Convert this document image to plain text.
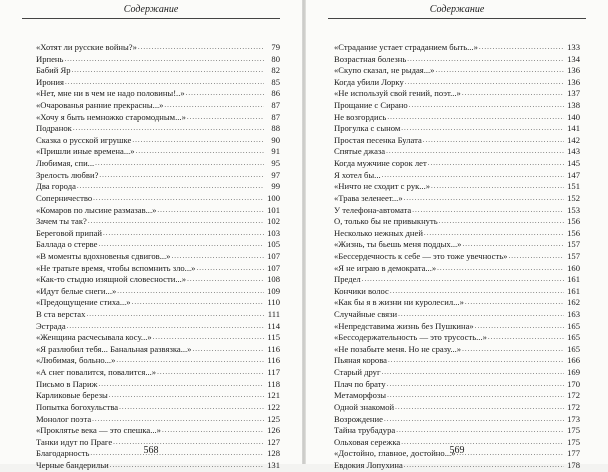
Содержание
«Хотят ли русские войны?» .....	79
Ирпень .....	80
Бабий Яр .....	82
Ирония .....	85
«Нет, мне ни в чем не надо половины!..» .....	86
«Очарованья ранние прекрасны...» .....	87
«Хочу я быть немножко старомодным...» .....	87
Подранок .....	88
Сказка о русской игрушке .....	90
«Пришли иные времена...» .....	91
Любимая, спи... .....	95
Зрелость любви? .....	97
Два города .....	99
Соперничество .....	100
«Комаров по лысине размазав...» .....	101
Зачем ты так? .....	102
Береговой припай .....	103
Баллада о стерве .....	105
«В моменты вдохновенья сдвигов...» .....	107
«Не тратьте время, чтобы вспомнить зло...» .....	107
«Как-то стыдно изящной словесности...» .....	108
«Идут белые снеги...» .....	109
«Предощущение стиха...» .....	110
В ста верстах .....	111
Эстрада .....	114
«Женщина расчесывала косу...» .....	115
«Я разлюбил тебя... Банальная развязка...» .....	116
«Любимая, больно...» .....	116
«А снег повалится, повалится...» .....	117
Письмо в Париж .....	118
Карликовые березы .....	121
Попытка богохульства .....	122
Монолог поэта .....	125
«Проклятье века — это спешка...» .....	126
Танки идут по Праге .....	127
Благодарность .....	128
Черные бандерильи .....	131
568
Содержание
«Страдание устает страданием быть...» .....	133
Возрастная болезнь .....	134
«Скупо сказал, не рыдая...» .....	136
Когда убили Лорку .....	136
«Не используй свой гений, поэт...» .....	137
Прощание с Сирано .....	138
Не возгордись .....	140
Прогулка с сыном .....	141
Простая песенка Булата .....	142
Спятые джаза .....	143
Когда мужчине сорок лет .....	145
Я хотел бы... .....	147
«Ничто не сходит с рук...» .....	151
«Трава зеленеет...» .....	152
У телефона-автомата .....	153
О, только бы не привыкнуть .....	156
Несколько нежных дней .....	156
«Жизнь, ты бьешь меня поддых...» .....	157
«Бессердечность к себе — это тоже увечность» .....	157
«Я не играю в демократа...» .....	160
Предел .....	161
Кончики волос .....	161
«Как бы я в жизни ни куролесил...» .....	162
Случайные связи .....	163
«Непредставима жизнь без Пушкина» .....	165
«Бессодержательность — это трусость...» .....	165
«Не позабыте меня. Но не сразу...» .....	165
Пьяная корова .....	166
Старый друг .....	169
Плач по брату .....	170
Метаморфозы .....	172
Одной знакомой .....	172
Возрождение .....	173
Тайна трубадура .....	175
Ольховая сережка .....	175
«Достойно, главное, достойно...» .....	177
Евдокия Лопухина .....	178
569
